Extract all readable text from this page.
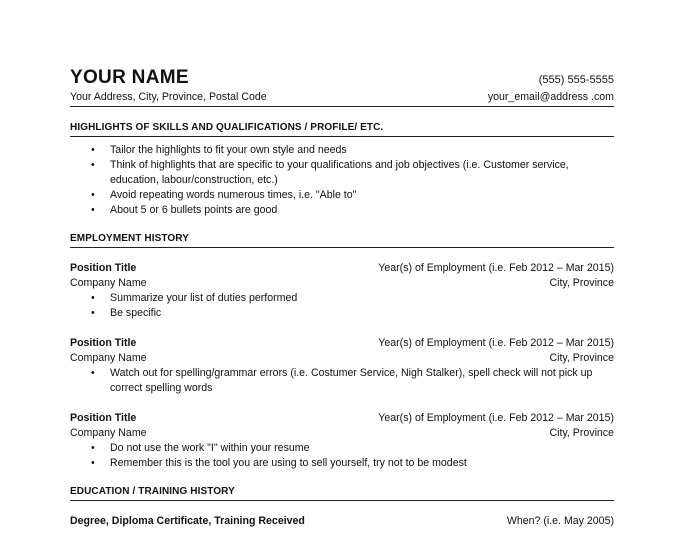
YOUR NAME	(555) 555-5555
Your Address, City, Province, Postal Code	your_email@address .com
HIGHLIGHTS OF SKILLS AND QUALIFICATIONS / PROFILE/ ETC.
• Tailor the highlights to fit your own style and needs
• Think of highlights that are specific to your qualifications and job objectives (i.e. Customer service, education, labour/construction, etc.)
• Avoid repeating words numerous times, i.e. "Able to"
• About 5 or 6 bullets points are good
EMPLOYMENT HISTORY
Position Title	Year(s) of Employment (i.e. Feb 2012 – Mar 2015)
Company Name	City, Province
• Summarize your list of duties performed
• Be specific
Position Title	Year(s) of Employment (i.e. Feb 2012 – Mar 2015)
Company Name	City, Province
• Watch out for spelling/grammar errors (i.e. Costumer Service, Nigh Stalker), spell check will not pick up correct spelling words
Position Title	Year(s) of Employment (i.e. Feb 2012 – Mar 2015)
Company Name	City, Province
• Do not use the work "I" within your resume
• Remember this is the tool you are using to sell yourself, try not to be modest
EDUCATION / TRAINING HISTORY
Degree, Diploma Certificate, Training Received	When? (i.e. May 2005)
